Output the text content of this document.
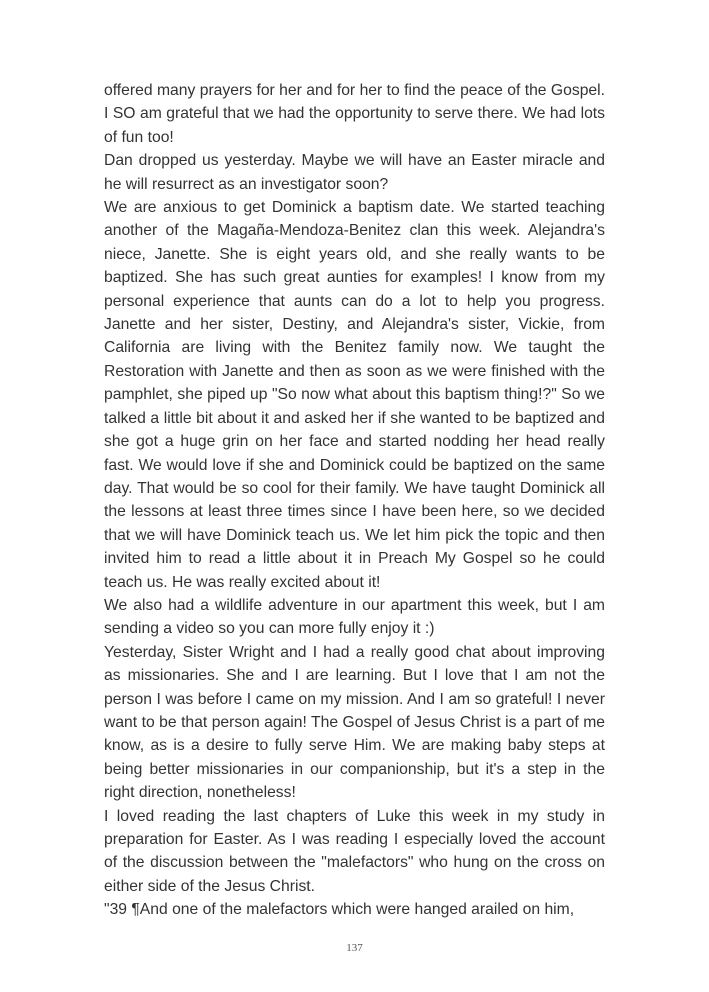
offered many prayers for her and for her to find the peace of the Gospel. I SO am grateful that we had the opportunity to serve there. We had lots of fun too!

Dan dropped us yesterday. Maybe we will have an Easter miracle and he will resurrect as an investigator soon?

We are anxious to get Dominick a baptism date. We started teaching another of the Magaña-Mendoza-Benitez clan this week. Alejandra's niece, Janette. She is eight years old, and she really wants to be baptized. She has such great aunties for examples! I know from my personal experience that aunts can do a lot to help you progress. Janette and her sister, Destiny, and Alejandra's sister, Vickie, from California are living with the Benitez family now. We taught the Restoration with Janette and then as soon as we were finished with the pamphlet, she piped up "So now what about this baptism thing!?" So we talked a little bit about it and asked her if she wanted to be baptized and she got a huge grin on her face and started nodding her head really fast. We would love if she and Dominick could be baptized on the same day. That would be so cool for their family. We have taught Dominick all the lessons at least three times since I have been here, so we decided that we will have Dominick teach us. We let him pick the topic and then invited him to read a little about it in Preach My Gospel so he could teach us. He was really excited about it!

We also had a wildlife adventure in our apartment this week, but I am sending a video so you can more fully enjoy it :)

Yesterday, Sister Wright and I had a really good chat about improving as missionaries. She and I are learning. But I love that I am not the person I was before I came on my mission. And I am so grateful! I never want to be that person again! The Gospel of Jesus Christ is a part of me know, as is a desire to fully serve Him. We are making baby steps at being better missionaries in our companionship, but it's a step in the right direction, nonetheless!

I loved reading the last chapters of Luke this week in my study in preparation for Easter. As I was reading I especially loved the account of the discussion between the "malefactors" who hung on the cross on either side of the Jesus Christ.

"39 ¶And one of the malefactors which were hanged arailed on him,

137
